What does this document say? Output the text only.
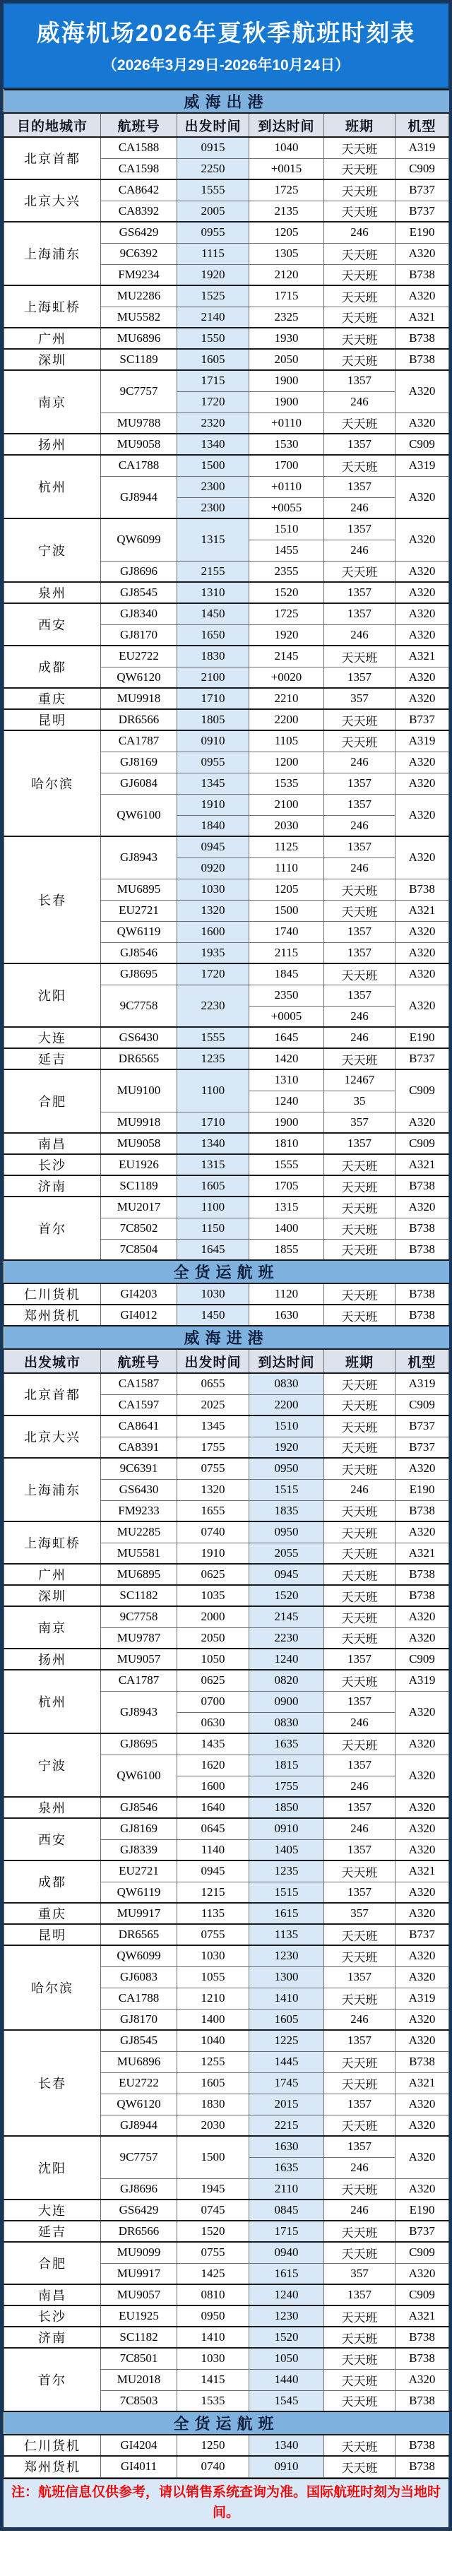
威海机场2026年夏秋季航班时刻表
（2026年3月29日-2026年10月24日）
威海出港					
目的地城市	航班号	出发时间	到达时间	班期	机型
北京首都	CA1588	0915	1040	天天班	A319
	CA1598	2250	+0015	天天班	C909
北京大兴	CA8642	1555	1725	天天班	B737
	CA8392	2005	2135	天天班	B737
上海浦东	GS6429	0955	1205	246	E190
	9C6392	1115	1305	天天班	A320
	FM9234	1920	2120	天天班	B738
上海虹桥	MU2286	1525	1715	天天班	A320
	MU5582	2140	2325	天天班	A321
广州	MU6896	1550	1930	天天班	B738
深圳	SC1189	1605	2050	天天班	B738
南京	9C7757	1715	1900	1357	A320
		1720	1900	246	
	MU9788	2320	+0110	天天班	A320
扬州	MU9058	1340	1530	1357	C909
杭州	CA1788	1500	1700	天天班	A319
	GJ8944	2300	+0110	1357	A320
		2300	+0055	246	
宁波	QW6099	1315	1510	1357	A320
			1455	246	
	GJ8696	2155	2355	天天班	A320
泉州	GJ8545	1310	1520	1357	A320
西安	GJ8340	1450	1725	1357	A320
	GJ8170	1650	1920	246	A320
成都	EU2722	1830	2145	天天班	A321
	QW6120	2100	+0020	1357	A320
重庆	MU9918	1710	2210	357	A320
昆明	DR6566	1805	2200	天天班	B737
哈尔滨	CA1787	0910	1105	天天班	A319
	GJ8169	0955	1200	246	A320
	GJ6084	1345	1535	1357	A320
	QW6100	1910	2100	1357	A320
		1840	2030	246	
长春	GJ8943	0945	1125	1357	A320
		0920	1110	246	
	MU6895	1030	1205	天天班	B738
	EU2721	1320	1500	天天班	A321
	QW6119	1600	1740	1357	A320
	GJ8546	1935	2115	1357	A320
沈阳	GJ8695	1720	1845	天天班	A320
	9C7758	2230	2350	1357	A320
			+0005	246	
大连	GS6430	1555	1645	246	E190
延吉	DR6565	1235	1420	天天班	B737
合肥	MU9100	1100	1310	12467	C909
			1240	35	
	MU9918	1710	1900	357	A320
南昌	MU9058	1340	1810	1357	C909
长沙	EU1926	1315	1555	天天班	A321
济南	SC1189	1605	1705	天天班	B738
首尔	MU2017	1100	1315	天天班	A320
	7C8502	1150	1400	天天班	B738
	7C8504	1645	1855	天天班	B738
全货运航班					
仁川货机	GI4203	1030	1120	天天班	B738
郑州货机	GI4012	1450	1630	天天班	B738
威海进港					
出发城市	航班号	出发时间	到达时间	班期	机型
北京首都	CA1587	0655	0830	天天班	A319
	CA1597	2025	2200	天天班	C909
北京大兴	CA8641	1345	1510	天天班	B737
	CA8391	1755	1920	天天班	B737
上海浦东	9C6391	0755	0950	天天班	A320
	GS6430	1320	1515	246	E190
	FM9233	1655	1835	天天班	B738
上海虹桥	MU2285	0740	0950	天天班	A320
	MU5581	1910	2055	天天班	A321
广州	MU6895	0625	0945	天天班	B738
深圳	SC1182	1035	1520	天天班	B738
南京	9C7758	2000	2145	天天班	A320
	MU9787	2050	2230	天天班	A320
扬州	MU9057	1050	1240	1357	C909
杭州	CA1787	0625	0820	天天班	A319
	GJ8943	0700	0900	1357	A320
		0630	0830	246	
宁波	GJ8695	1435	1635	天天班	A320
	QW6100	1620	1815	1357	A320
		1600	1755	246	
泉州	GJ8546	1640	1850	1357	A320
西安	GJ8169	0645	0910	246	A320
	GJ8339	1140	1405	1357	A320
成都	EU2721	0945	1235	天天班	A321
	QW6119	1215	1515	1357	A320
重庆	MU9917	1135	1615	357	A320
昆明	DR6565	0755	1135	天天班	B737
哈尔滨	QW6099	1030	1230	天天班	A320
	GJ6083	1055	1300	1357	A320
	CA1788	1210	1410	天天班	A319
	GJ8170	1400	1605	246	A320
长春	GJ8545	1040	1225	1357	A320
	MU6896	1255	1445	天天班	B738
	EU2722	1605	1745	天天班	A321
	QW6120	1830	2015	1357	A320
	GJ8944	2030	2215	天天班	A320
沈阳	9C7757	1500	1630	1357	A320
			1635	246	
	GJ8696	1945	2110	天天班	A320
大连	GS6429	0745	0845	246	E190
延吉	DR6566	1520	1715	天天班	B737
合肥	MU9099	0755	0940	天天班	C909
	MU9917	1425	1615	357	A320
南昌	MU9057	0810	1240	1357	C909
长沙	EU1925	0950	1230	天天班	A321
济南	SC1182	1410	1520	天天班	B738
首尔	7C8501	1030	1050	天天班	B738
	MU2018	1415	1440	天天班	A320
	7C8503	1535	1545	天天班	B738
全货运航班					
仁川货机	GI4204	1250	1340	天天班	B738
郑州货机	GI4011	0740	0910	天天班	B738
注：航班信息仅供参考，请以销售系统查询为准。国际航班时刻为当地时间。
